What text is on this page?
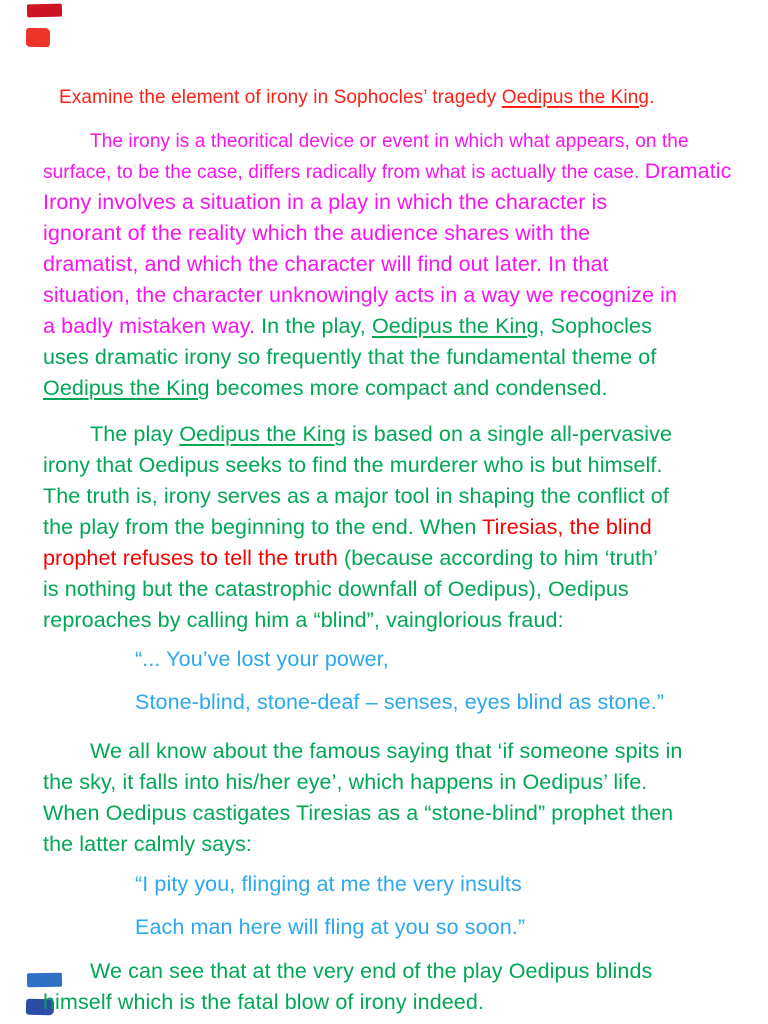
Examine the element of irony in Sophocles’ tragedy Oedipus the King.
The irony is a theoritical device or event in which what appears, on the
surface, to be the case, differs radically from what is actually the case. Dramatic
Irony involves a situation in a play in which the character is
ignorant of the reality which the audience shares with the
dramatist, and which the character will find out later. In that
situation, the character unknowingly acts in a way we recognize in
a badly mistaken way. In the play, Oedipus the King, Sophocles
uses dramatic irony so frequently that the fundamental theme of
Oedipus the King becomes more compact and condensed.
The play Oedipus the King is based on a single all-pervasive
irony that Oedipus seeks to find the murderer who is but himself.
The truth is, irony serves as a major tool in shaping the conflict of
the play from the beginning to the end. When Tiresias, the blind
prophet refuses to tell the truth (because according to him ‘truth’
is nothing but the catastrophic downfall of Oedipus), Oedipus
reproaches by calling him a “blind”, vainglorious fraud:
“... You’ve lost your power,
Stone-blind, stone-deaf – senses, eyes blind as stone.”
We all know about the famous saying that ‘if someone spits in
the sky, it falls into his/her eye’, which happens in Oedipus’ life.
When Oedipus castigates Tiresias as a “stone-blind” prophet then
the latter calmly says:
“I pity you, flinging at me the very insults
Each man here will fling at you so soon.”
We can see that at the very end of the play Oedipus blinds
himself which is the fatal blow of irony indeed.
